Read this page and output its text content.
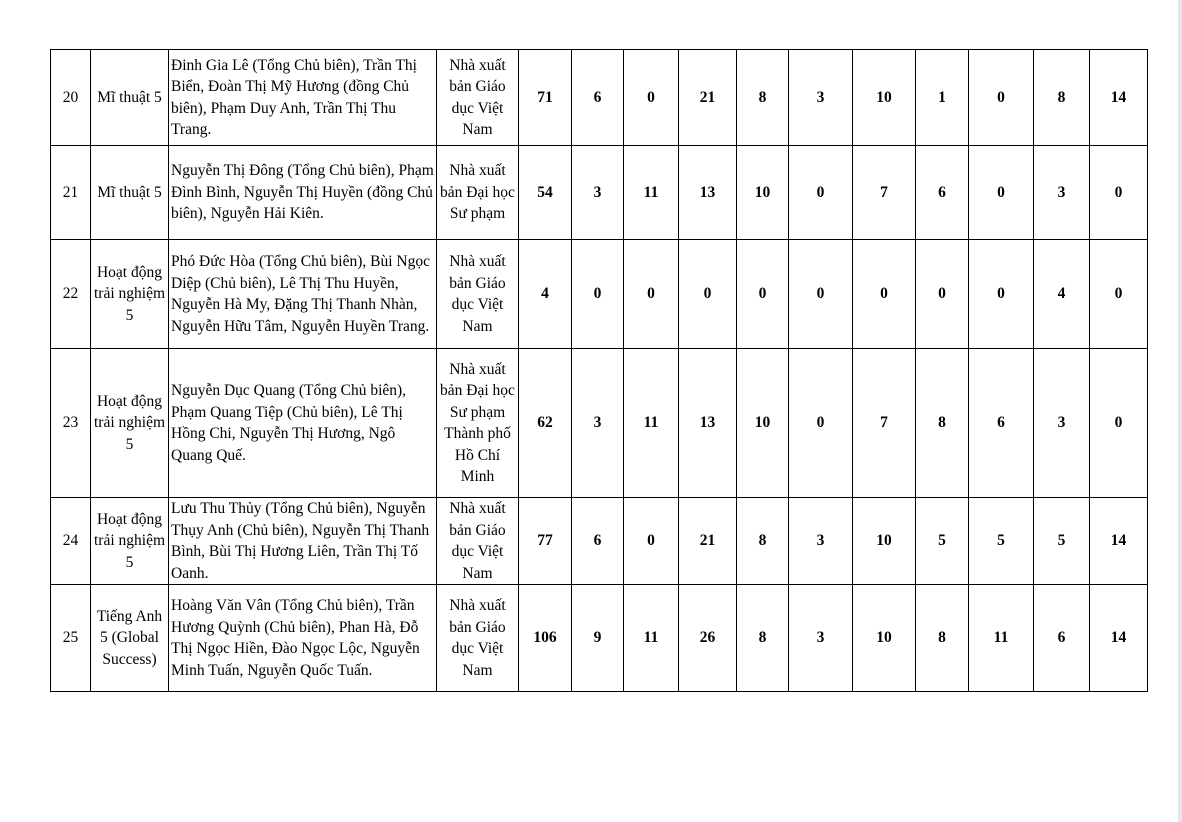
20	Mĩ thuật 5	Đinh Gia Lê (Tổng Chủ biên), Trần Thị Biển, Đoàn Thị Mỹ Hương (đồng Chủ biên), Phạm Duy Anh, Trần Thị Thu Trang.	Nhà xuất bản Giáo dục Việt Nam	71	6	0	21	8	3	10	1	0	8	14
21	Mĩ thuật 5	Nguyễn Thị Đông (Tổng Chủ biên), Phạm Đình Bình, Nguyễn Thị Huyền (đồng Chủ biên), Nguyễn Hải Kiên.	Nhà xuất bản Đại học Sư phạm	54	3	11	13	10	0	7	6	0	3	0
22	Hoạt động trải nghiệm 5	Phó Đức Hòa (Tổng Chủ biên), Bùi Ngọc Diệp (Chủ biên), Lê Thị Thu Huyền, Nguyễn Hà My, Đặng Thị Thanh Nhàn, Nguyễn Hữu Tâm, Nguyễn Huyền Trang.	Nhà xuất bản Giáo dục Việt Nam	4	0	0	0	0	0	0	0	0	4	0
23	Hoạt động trải nghiệm 5	Nguyễn Dục Quang (Tổng Chủ biên), Phạm Quang Tiệp (Chủ biên), Lê Thị Hồng Chi, Nguyễn Thị Hương, Ngô Quang Quế.	Nhà xuất bản Đại học Sư phạm Thành phố Hồ Chí Minh	62	3	11	13	10	0	7	8	6	3	0
24	Hoạt động trải nghiệm 5	Lưu Thu Thủy (Tổng Chủ biên), Nguyễn Thụy Anh (Chủ biên), Nguyễn Thị Thanh Bình, Bùi Thị Hương Liên, Trần Thị Tố Oanh.	Nhà xuất bản Giáo dục Việt Nam	77	6	0	21	8	3	10	5	5	5	14
25	Tiếng Anh 5 (Global Success)	Hoàng Văn Vân (Tổng Chủ biên), Trần Hương Quỳnh (Chủ biên), Phan Hà, Đỗ Thị Ngọc Hiền, Đào Ngọc Lộc, Nguyễn Minh Tuấn, Nguyễn Quốc Tuấn.	Nhà xuất bản Giáo dục Việt Nam	106	9	11	26	8	3	10	8	11	6	14
